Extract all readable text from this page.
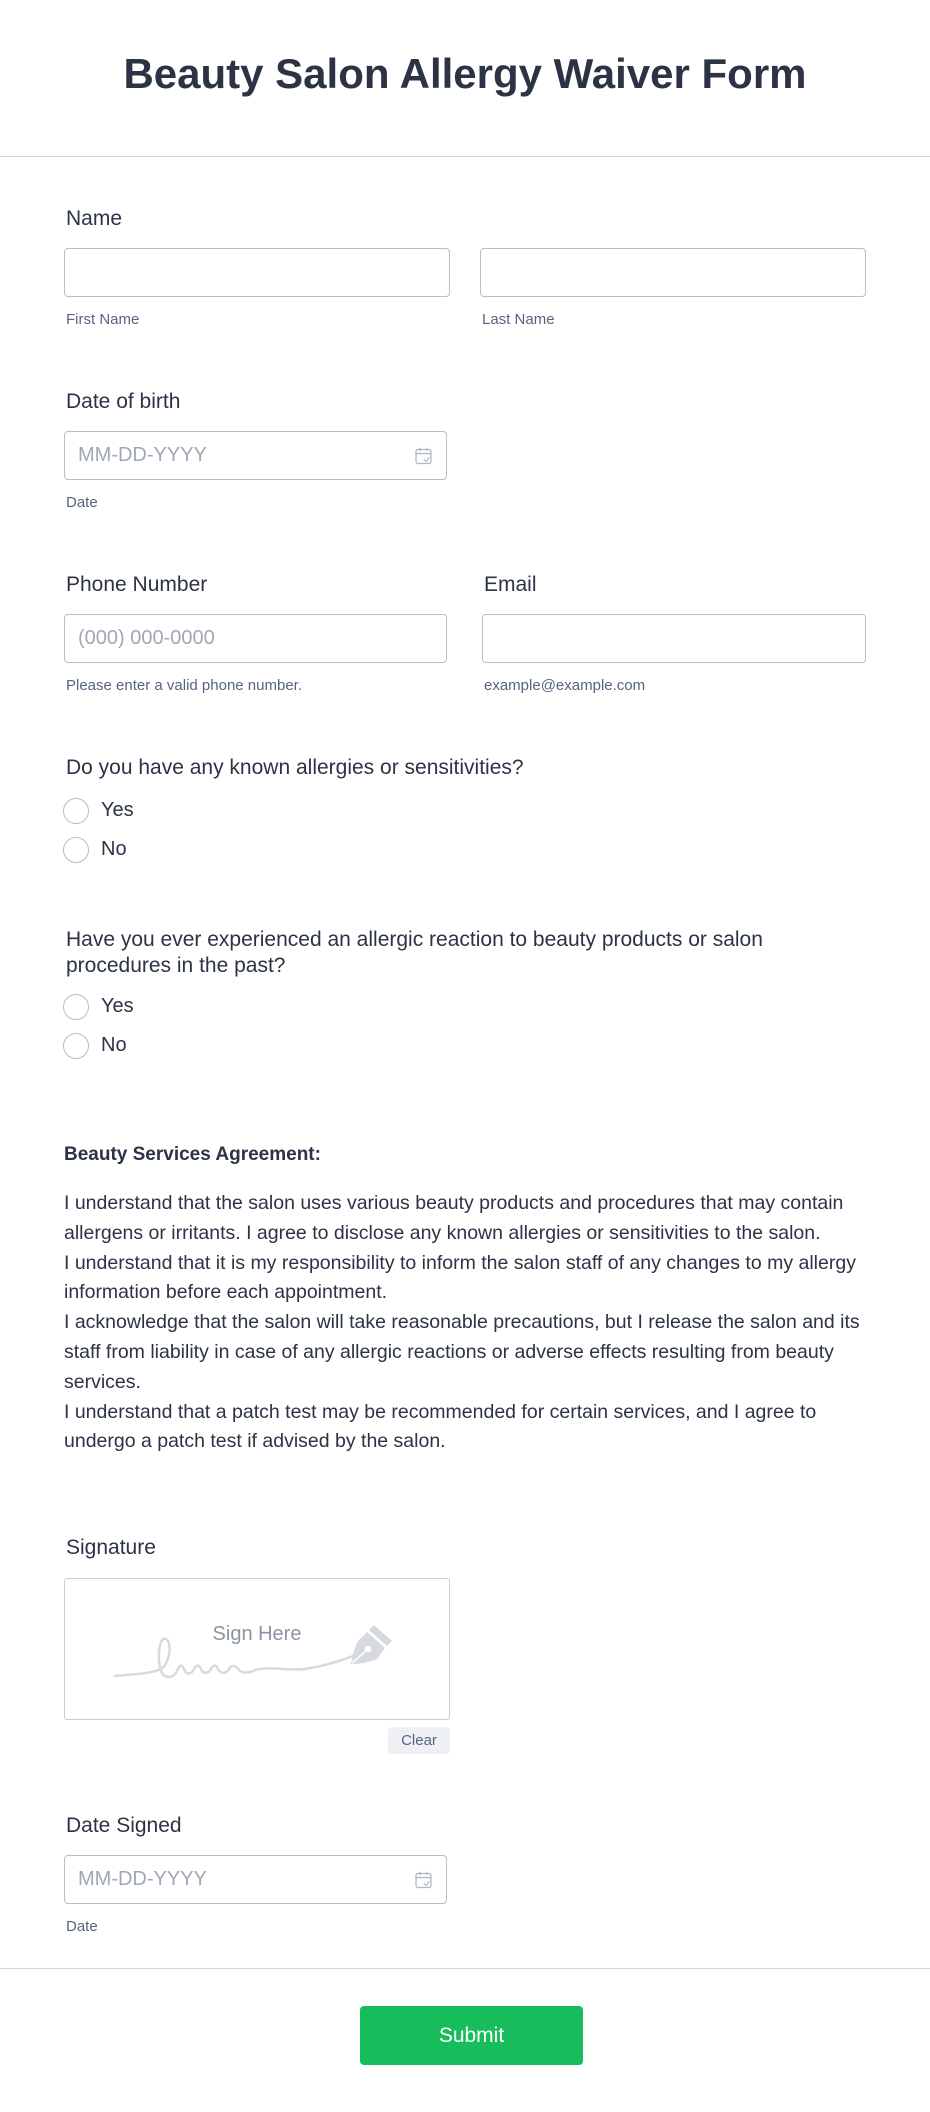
Beauty Salon Allergy Waiver Form
Name
First Name	Last Name
Date of birth
MM-DD-YYYY
Date
Phone Number
(000) 000-0000
Please enter a valid phone number.
Email
example@example.com
Do you have any known allergies or sensitivities?
Yes
No
Have you ever experienced an allergic reaction to beauty products or salon
procedures in the past?
Yes
No
Beauty Services Agreement:

I understand that the salon uses various beauty products and procedures that may contain allergens or irritants. I agree to disclose any known allergies or sensitivities to the salon.

I understand that it is my responsibility to inform the salon staff of any changes to my allergy information before each appointment.

I acknowledge that the salon will take reasonable precautions, but I release the salon and its staff from liability in case of any allergic reactions or adverse effects resulting from beauty services.

I understand that a patch test may be recommended for certain services, and I agree to undergo a patch test if advised by the salon.

Signature
Sign Here
Clear
Date Signed
MM-DD-YYYY
Date
Submit
